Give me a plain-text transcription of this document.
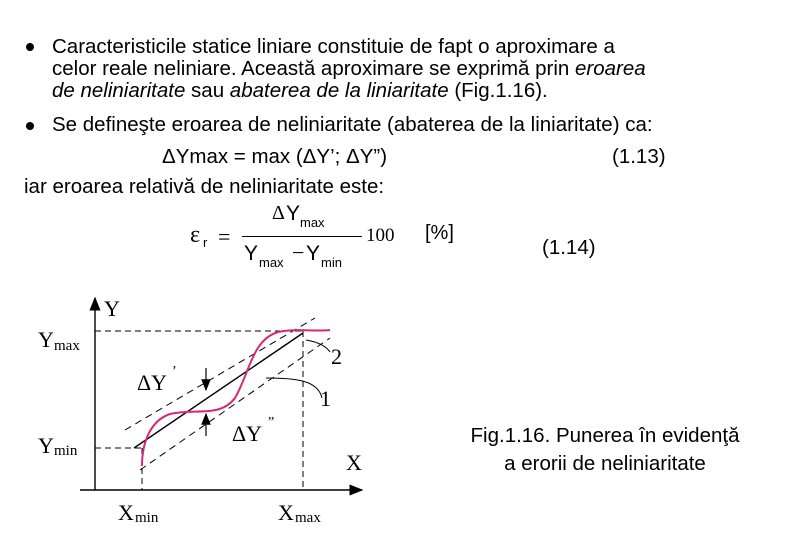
Caracteristicile statice liniare constituie de fapt o aproximare a
celor reale neliniare. Această aproximare se exprimă prin eroarea
de neliniaritate sau abaterea de la liniaritate (Fig.1.16).
Se defineşte eroarea de neliniaritate (abaterea de la liniaritate) ca:
ΔYmax = max (ΔY’; ΔY”)	(1.13)
iar eroarea relativă de neliniaritate este:
ε r =
Δ Y max
Y max − Y min
100 [%]
(1.14)
Y
X
Y max
Y min
X min	X max
ΔY ’
ΔY ”
1
2
Fig.1.16. Punerea în evidenţă
a erorii de neliniaritate
